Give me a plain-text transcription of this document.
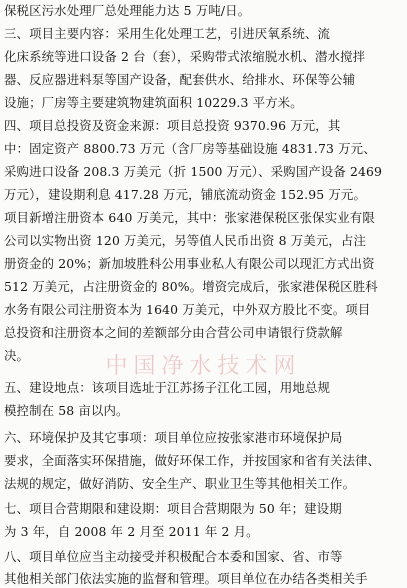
保税区污水处理厂总处理能力达 5 万吨/日。
三、项目主要内容：采用生化处理工艺，引进厌氧系统、流
化床系统等进口设备 2 台（套），采购带式浓缩脱水机、潜水搅拌
器、反应器进料泵等国产设备，配套供水、给排水、环保等公辅
设施；厂房等主要建筑物建筑面积 10229.3 平方米。
四、项目总投资及资金来源：项目总投资 9370.96 万元，其
中：固定资产 8800.73 万元（含厂房等基础设施 4831.73 万元、
采购进口设备 208.3 万美元（折 1500 万元）、采购国产设备 2469
万元），建设期利息 417.28 万元，铺底流动资金 152.95 万元。
项目新增注册资本 640 万美元，其中：张家港保税区张保实业有限
公司以实物出资 120 万美元，另等值人民币出资 8 万美元，占注
册资金的 20%；新加坡胜科公用事业私人有限公司以现汇方式出资
512 万美元，占注册资金的 80%。增资完成后，张家港保税区胜科
水务有限公司注册资本为 1640 万美元，中外双方股比不变。项目
总投资和注册资本之间的差额部分由合营公司申请银行贷款解
决。	中国净水技术网
五、建设地点：该项目选址于江苏扬子江化工园，用地总规
模控制在 58 亩以内。
六、环境保护及其它事项：项目单位应按张家港市环境保护局
要求，全面落实环保措施，做好环保工作，并按国家和省有关法律、
法规的规定，做好消防、安全生产、职业卫生等其他相关工作。
七、项目合营期限和建设期：项目合营期限为 50 年；建设期
为 3 年，自 2008 年 2 月至 2011 年 2 月。
八、项目单位应当主动接受并积极配合本委和国家、省、市等
其他相关部门依法实施的监督和管理。项目单位在办结各类相关手
